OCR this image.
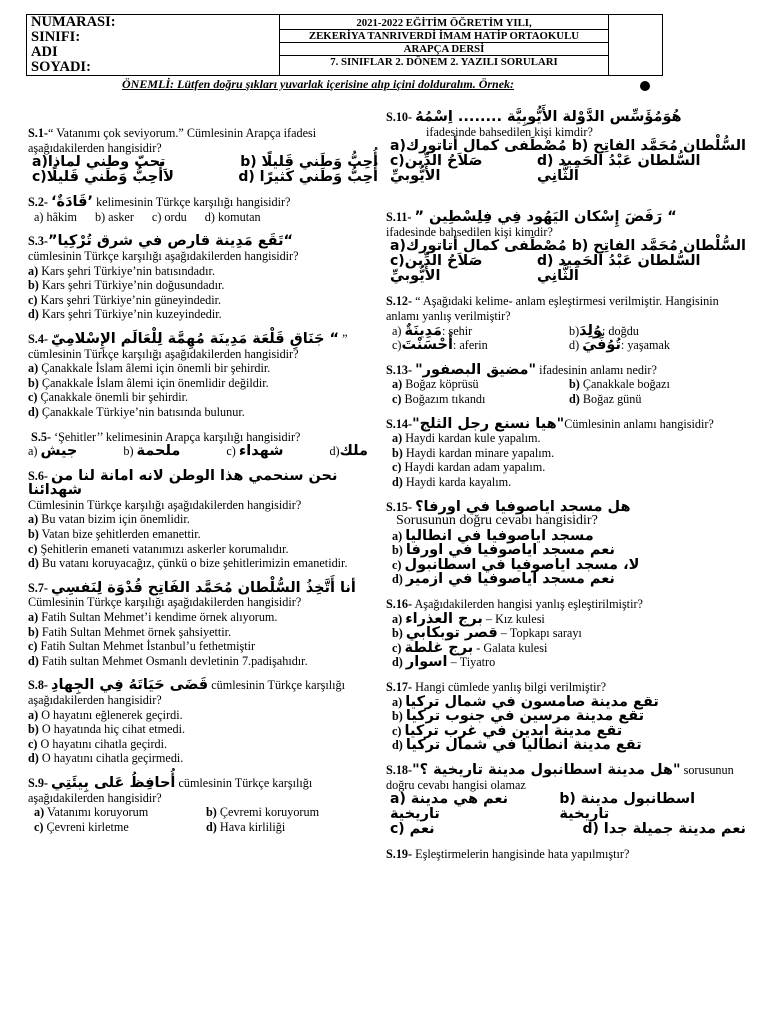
NUMARASI:
SINIFI:
ADI
SOYADI:
2021-2022 EĞİTİM ÖĞRETİM YILI,
ZEKERİYA TANRIVERDİ İMAM HATİP ORTAOKULU
ARAPÇA DERSİ
7. SINIFLAR 2. DÖNEM 2. YAZILI SORULARI
ÖNEMLİ: Lütfen doğru şıkları yuvarlak içerisine alıp içini dolduralım. Örnek:
S.1-“ Vatanımı çok seviyorum.” Cümlesinin Arapça ifadesi aşağıdakilerden hangisidir?
a)تحبّ وطني لماذا	b) أُحِبُّ وَطَني قَليلًا
c)لاَأُحِبُّ وَطَني قَليلًا	d) أُحِبُّ وَطَني كَثيرًا
S.2- ‘قَادَةٌ’ kelimesinin Türkçe karşılığı hangisidir?
a) hâkim b) asker c) ordu d) komutan
S.3-“تَقَع مَدِينة قارص في شرق تُرْكِيا”
cümlesinin Türkçe karşılığı aşağıdakilerden hangisidir?
a) Kars şehri Türkiye’nin batısındadır.
b) Kars şehri Türkiye’nin doğusundadır.
c) Kars şehri Türkiye’nin güneyindedir.
d) Kars şehri Türkiye’nin kuzeyindedir.
S.4- “ جَنَاقِ قَلْعَة مَدِينَة مُهِمَّة لِلْعَالَم الإِسْلامِيّ ” cümlesinin Türkçe karşılığı aşağıdakilerden hangisidir?
a) Çanakkale İslam âlemi için önemli bir şehirdir.
b) Çanakkale İslam âlemi için önemlidir değildir.
c) Çanakkale önemli bir şehirdir.
d) Çanakkale Türkiye’nin batısında bulunur.
S.5- ‘Şehitler’’ kelimesinin Arapça karşılığı hangisidir?
a) جيش	b) ملحمة	c) شهداء	d)ملك
S.6- نحن سنحمي هذا الوطن لانه امانة لنا من شهدائنا
Cümlesinin Türkçe karşılığı aşağıdakilerden hangisidir?
a) Bu vatan bizim için önemlidir.
b) Vatan bize şehitlerden emanettir.
c) Şehitlerin emaneti vatanımızı askerler korumalıdır.
d) Bu vatanı koruyacağız, çünkü o bize şehitlerimizin emanetidir.
S.7- أنا أَتَّخِذُ السُّلْطان مُحَمَّد الفَاتِح قُدْوَة لِنَفسِي
Cümlesinin Türkçe karşılığı aşağıdakilerden hangisidir?
a) Fatih Sultan Mehmet’i kendime örnek alıyorum.
b) Fatih Sultan Mehmet örnek şahsiyettir.
c) Fatih Sultan Mehmet İstanbul’u fethetmiştir
d) Fatih sultan Mehmet Osmanlı devletinin 7.padişahıdır.
S.8- قَضَى حَيَاتَهُ فِي الجِهادِ cümlesinin Türkçe karşılığı aşağıdakilerden hangisidir?
a) O hayatını eğlenerek geçirdi.
b) O hayatında hiç cihat etmedi.
c) O hayatını cihatla geçirdi.
d) O hayatını cihatla geçirmedi.
S.9- أُحافِظُ عَلى بِيئَتِي cümlesinin Türkçe karşılığı aşağıdakilerden hangisidir?
a) Vatanımı koruyorum	b) Çevremi koruyorum
c) Çevreni kirletme	d) Hava kirliliği
S.10- هُوَمُؤَسِّس الدَّوْلة الأَيُّوبِيَّة ........ اِسْمُهُ
ifadesinde bahsedilen kişi kimdir?
a)مُصْطَفى كمال أتاتورك b) السُّلْطان مُحَمَّد الفاتِح
c)صَلاَحُ الدِّين الأَيُّوبيِّ
d) السُّلطان عَبْدُ الحَمِيد الثَّانِي
S.11- “ رَفَضَ إِسْكان اليَهُود فِي فِلِسْطِين ”
ifadesinde bahsedilen kişi kimdir?
a)مُصْطَفى كمال أتاتورك b) السُّلْطان مُحَمَّد الفاتِح
c)صَلاَحُ الدِّين الأَيُّوبيِّ
d) السُّلطان عَبْدُ الحَمِيد الثَّانِي
S.12- “ Aşağıdaki kelime- anlam eşleştirmesi verilmiştir. Hangisinin anlamı yanlış verilmiştir?
a) مَدِينَةٌ: şehir	b)وُلِدَ: doğdu
c)أَحْسَنْتَ: aferin	d) تُوُفِّيَ: yaşamak
S.13- "مضيق البصفور" ifadesinin anlamı nedir?
a) Boğaz köprüsü	b) Çanakkale boğazı
c) Boğazım tıkandı	d) Boğaz günü
S.14-"هيا نسنع رجل الثلج"Cümlesinin anlamı hangisidir?
a) Haydi kardan kule yapalım.
b) Haydi kardan minare yapalım.
c) Haydi kardan adam yapalım.
d) Haydi karda kayalım.
S.15- هل مسجد اياصوفيا في اورفا؟
Sorusunun doğru cevabı hangisidir?
a) مسجد اياصوفيا في انطاليا
b) نعم مسجد اياصوفيا في اورفا
c) لا، مسجد اياصوفيا في اسطانبول
d) نعم مسجد اياصوفيا في ازمير
S.16- Aşağıdakilerden hangisi yanlış eşleştirilmiştir?
a) برج العذراء – Kız kulesi
b) قصر توبكابي – Topkapı sarayı
c) برج غلطة - Galata kulesi
d) اسوار – Tiyatro
S.17- Hangi cümlede yanlış bilgi verilmiştir?
a) تقع مدينة صامسون في شمال تركيا
b) تقع مدينة مرسين في جنوب تركيا
c) تقع مدينة ايدين في غرب تركيا
d) تقع مدينة انطاليا في شمال تركيا
S.18-"هل مدينة اسطانبول مدينة تاريخية ؟" sorusunun doğru cevabı hangisi olamaz
a) نعم هي مدينة تاريخية
b) اسطانبول مدينة تاريخية
c) نعم	d) نعم مدينة جميلة جدا
S.19- Eşleştirmelerin hangisinde hata yapılmıştır?
